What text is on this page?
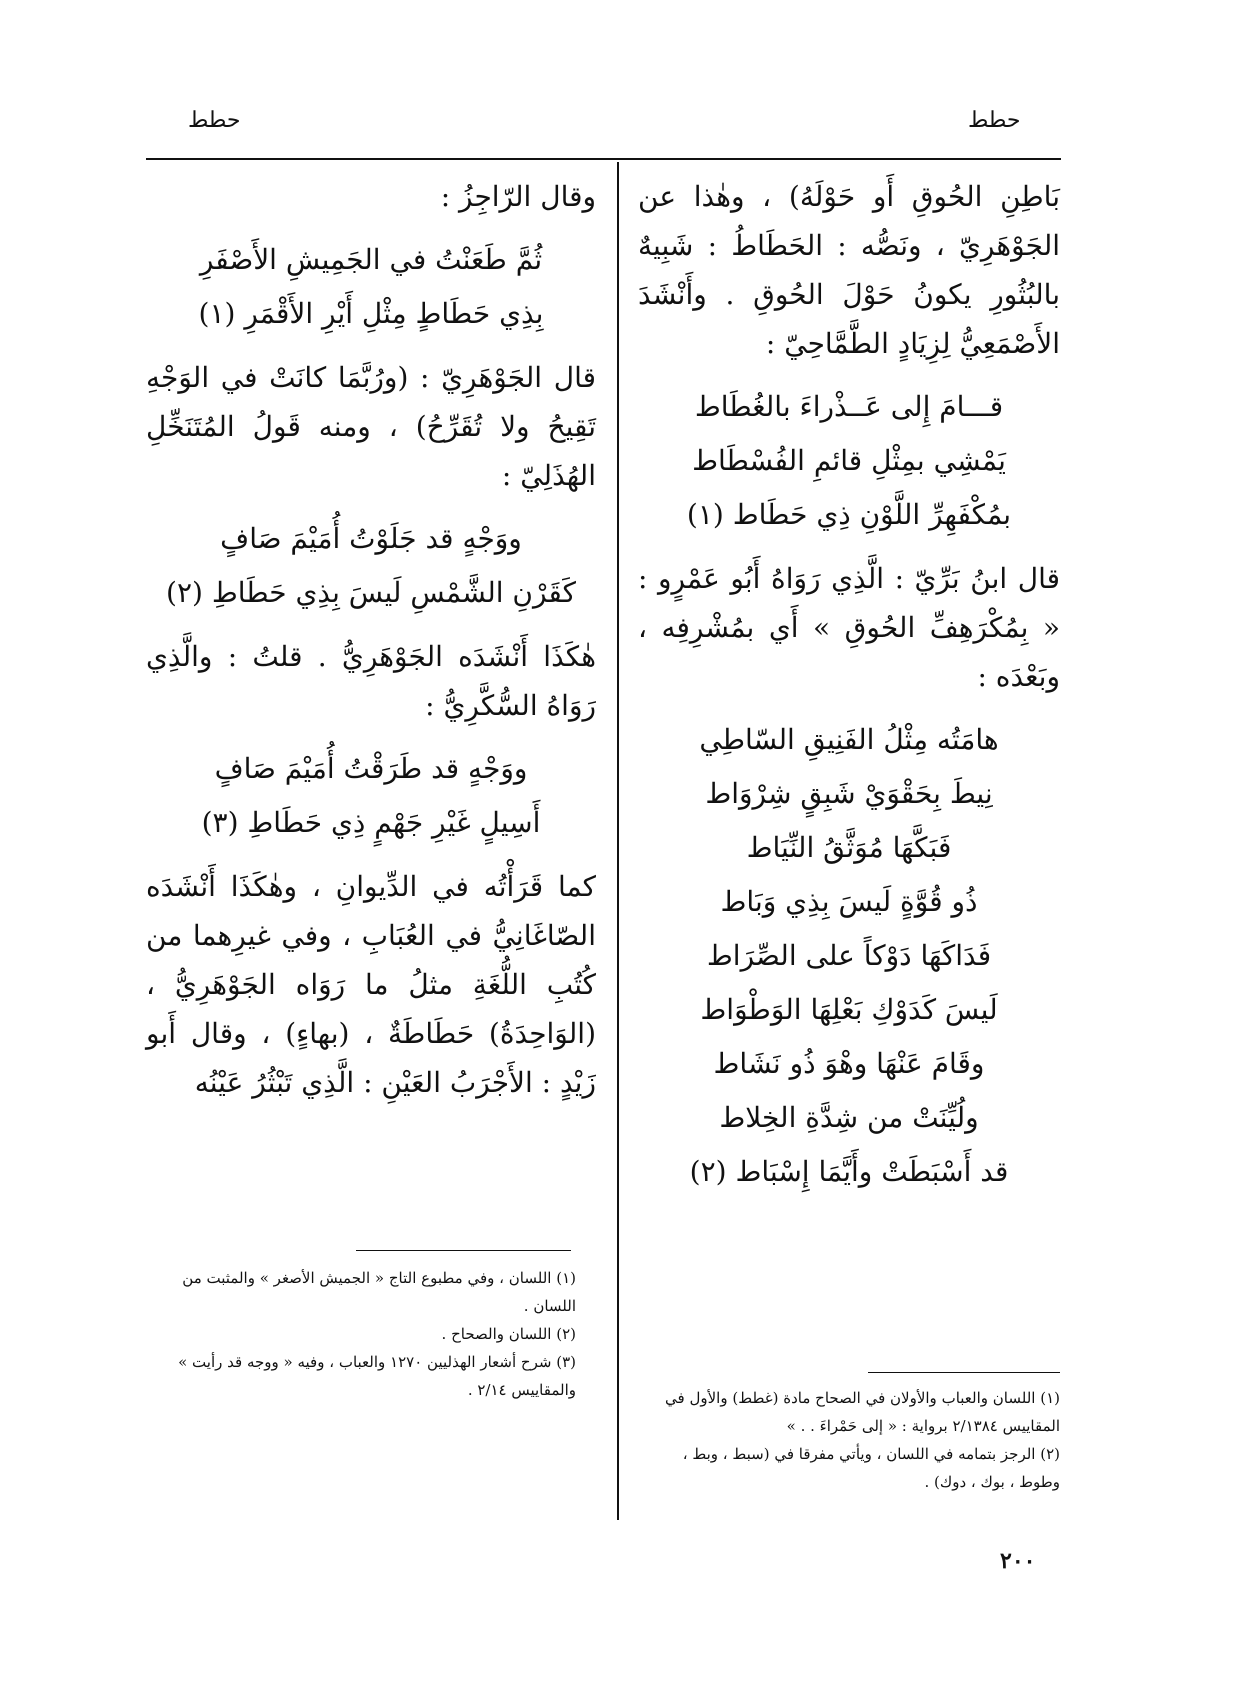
حطط	حطط

بَاطِنِ الحُوقِ أَو حَوْلَهُ) ، وهٰذا عن الجَوْهَرِيّ ، ونَصُّه : الحَطَاطُ : شَبِيهٌ بالبُثُورِ يكونُ حَوْلَ الحُوقِ . وأَنْشَدَ الأَصْمَعِيُّ لِزِيَادٍ الطَّمَّاحِيّ :

قـــامَ إِلى عَــذْراءَ بالغُطَاط
يَمْشِي بمِثْلِ قائمِ الفُسْطَاط
بمُكْفَهِرِّ اللَّوْنِ ذِي حَطَاط (١)

قال ابنُ بَرِّيّ : الَّذِي رَوَاهُ أَبُو عَمْرٍو : « بِمُكْرَهِفِّ الحُوقِ » أَي بمُشْرِفِه ، وبَعْدَه :

هامَتُه مِثْلُ الفَنِيقِ السّاطِي
نِيطَ بِحَقْوَيْ شَبِقٍ شِرْوَاط
فَبَكَّهَا مُوَثَّقُ النِّيَاط
ذُو قُوَّةٍ لَيسَ بِذِي وَبَاط
فَدَاكَهَا دَوْكاً على الصِّرَاط
لَيسَ كَدَوْكِ بَعْلِهَا الوَطْوَاط
وقَامَ عَنْهَا وهْوَ ذُو نَشَاط
ولُيِّنَتْ من شِدَّةِ الخِلاط
قد أَسْبَطَتْ وأَيَّمَا إِسْبَاط (٢)

وقال الرّاجِزُ :

ثُمَّ طَعَنْتُ في الجَمِيشِ الأَصْفَرِ
بِذِي حَطَاطٍ مِثْلِ أَيْرِ الأَقْمَرِ (١)

قال الجَوْهَرِيّ : (ورُبَّمَا كانَتْ في الوَجْهِ تَقِيحُ ولا تُقَرِّحُ) ، ومنه قَولُ المُتَنَخِّلِ الهُذَلِيّ :

ووَجْهٍ قد جَلَوْتُ أُمَيْمَ صَافٍ
كَقَرْنِ الشَّمْسِ لَيسَ بِذِي حَطَاطِ (٢)

هٰكَذَا أَنْشَدَه الجَوْهَرِيُّ . قلتُ : والَّذِي رَوَاهُ السُّكَّرِيُّ :

ووَجْهٍ قد طَرَقْتُ أُمَيْمَ صَافٍ
أَسِيلٍ غَيْرِ جَهْمٍ ذِي حَطَاطِ (٣)

كما قَرَأْتُه في الدِّيوانِ ، وهٰكَذَا أَنْشَدَه الصّاغَانِيُّ في العُبَابِ ، وفي غيرِهما من كُتُبِ اللُّغَةِ مثلُ ما رَوَاه الجَوْهَرِيُّ ، (الوَاحِدَةُ) حَطَاطَةٌ ، (بهاءٍ) ، وقال أَبو زَيْدٍ : الأَجْرَبُ العَيْنِ : الَّذِي تَبْثُرُ عَيْنُه

(١) اللسان والعباب والأولان في الصحاح مادة (غطط) والأول في المقاييس ٢/١٣٨٤ برواية : « إلى حَمْراءَ . . »

(٢) الرجز بتمامه في اللسان ، ويأتي مفرقا في (سبط ، وبط ، وطوط ، بوك ، دوك) .

(١) اللسان ، وفي مطبوع التاج « الجميش الأصغر » والمثبت من اللسان .

(٢) اللسان والصحاح .

(٣) شرح أشعار الهذليين ١٢٧٠ والعباب ، وفيه « ووجه قد رأيت » والمقاييس ٢/١٤ .

٢٠٠
